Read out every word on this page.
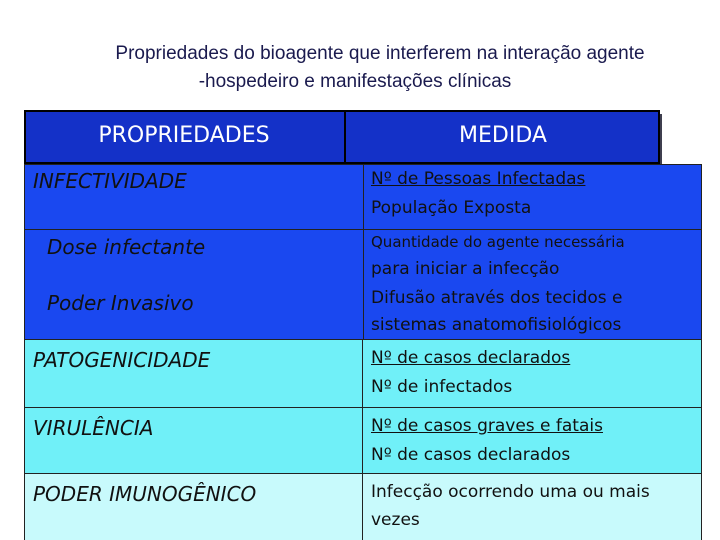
Propriedades do bioagente que interferem na interação agente
-hospedeiro e manifestações clínicas
PROPRIEDADES	MEDIDA
INFECTIVIDADE	Nº de Pessoas Infectadas
População Exposta
Dose infectante	Quantidade do agente necessária
para iniciar a infecção
Poder Invasivo	Difusão através dos tecidos e
sistemas anatomofisiológicos
PATOGENICIDADE	Nº de casos declarados
Nº de infectados
VIRULÊNCIA	Nº de casos graves e fatais
Nº de casos declarados
PODER IMUNOGÊNICO	Infecção ocorrendo uma ou mais
vezes
